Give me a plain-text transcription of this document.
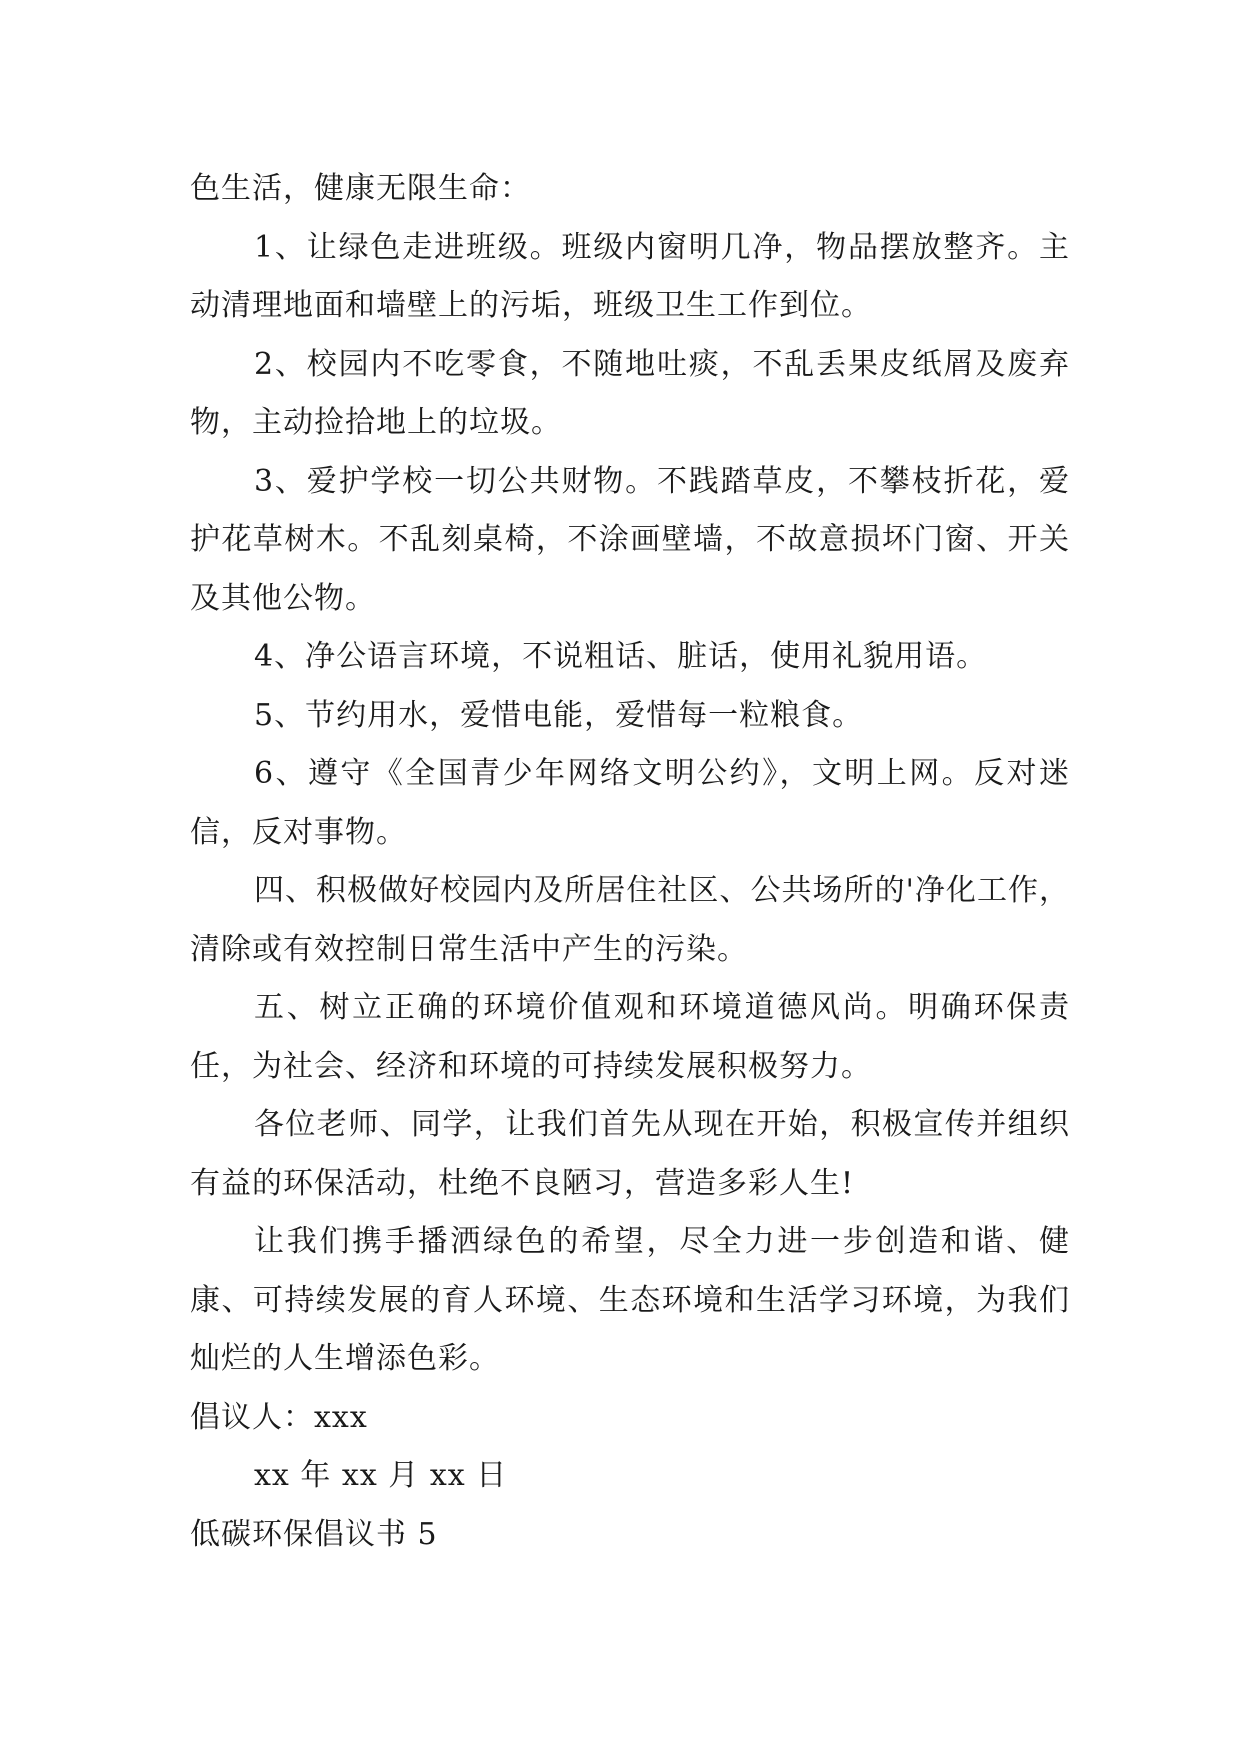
色生活，健康无限生命：

1、让绿色走进班级。班级内窗明几净，物品摆放整齐。主动清理地面和墙壁上的污垢，班级卫生工作到位。

2、校园内不吃零食，不随地吐痰，不乱丢果皮纸屑及废弃物，主动捡拾地上的垃圾。

3、爱护学校一切公共财物。不践踏草皮，不攀枝折花，爱护花草树木。不乱刻桌椅，不涂画壁墙，不故意损坏门窗、开关及其他公物。

4、净公语言环境，不说粗话、脏话，使用礼貌用语。

5、节约用水，爱惜电能，爱惜每一粒粮食。

6、遵守《全国青少年网络文明公约》，文明上网。反对迷信，反对事物。

四、积极做好校园内及所居住社区、公共场所的'净化工作，清除或有效控制日常生活中产生的污染。

五、树立正确的环境价值观和环境道德风尚。明确环保责任，为社会、经济和环境的可持续发展积极努力。

各位老师、同学，让我们首先从现在开始，积极宣传并组织有益的环保活动，杜绝不良陋习，营造多彩人生!

让我们携手播洒绿色的希望，尽全力进一步创造和谐、健康、可持续发展的育人环境、生态环境和生活学习环境，为我们灿烂的人生增添色彩。

倡议人：xxx

xx 年 xx 月 xx 日

低碳环保倡议书 5
